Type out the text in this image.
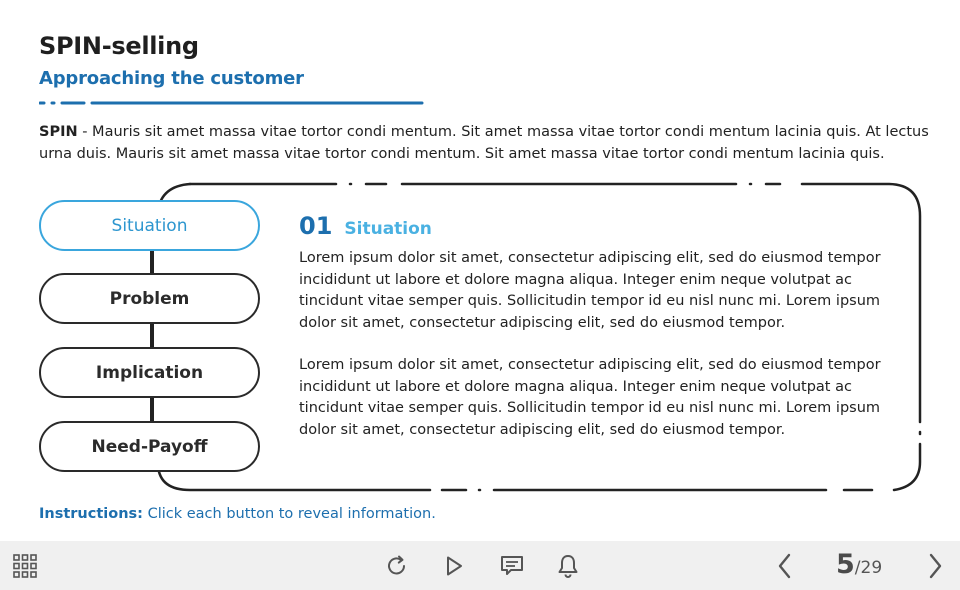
SPIN-selling
Approaching the customer
SPIN - Mauris sit amet massa vitae tortor condi mentum. Sit amet massa vitae tortor condi mentum lacinia quis. At lectus urna duis. Mauris sit amet massa vitae tortor condi mentum. Sit amet massa vitae tortor condi mentum lacinia quis.
Situation
Problem
Implication
Need-Payoff
01 Situation

Lorem ipsum dolor sit amet, consectetur adipiscing elit, sed do eiusmod tempor incididunt ut labore et dolore magna aliqua. Integer enim neque volutpat ac tincidunt vitae semper quis. Sollicitudin tempor id eu nisl nunc mi. Lorem ipsum dolor sit amet, consectetur adipiscing elit, sed do eiusmod tempor.

Lorem ipsum dolor sit amet, consectetur adipiscing elit, sed do eiusmod tempor incididunt ut labore et dolore magna aliqua. Integer enim neque volutpat ac tincidunt vitae semper quis. Sollicitudin tempor id eu nisl nunc mi. Lorem ipsum dolor sit amet, consectetur adipiscing elit, sed do eiusmod tempor.

Instructions: Click each button to reveal information.
5/29
